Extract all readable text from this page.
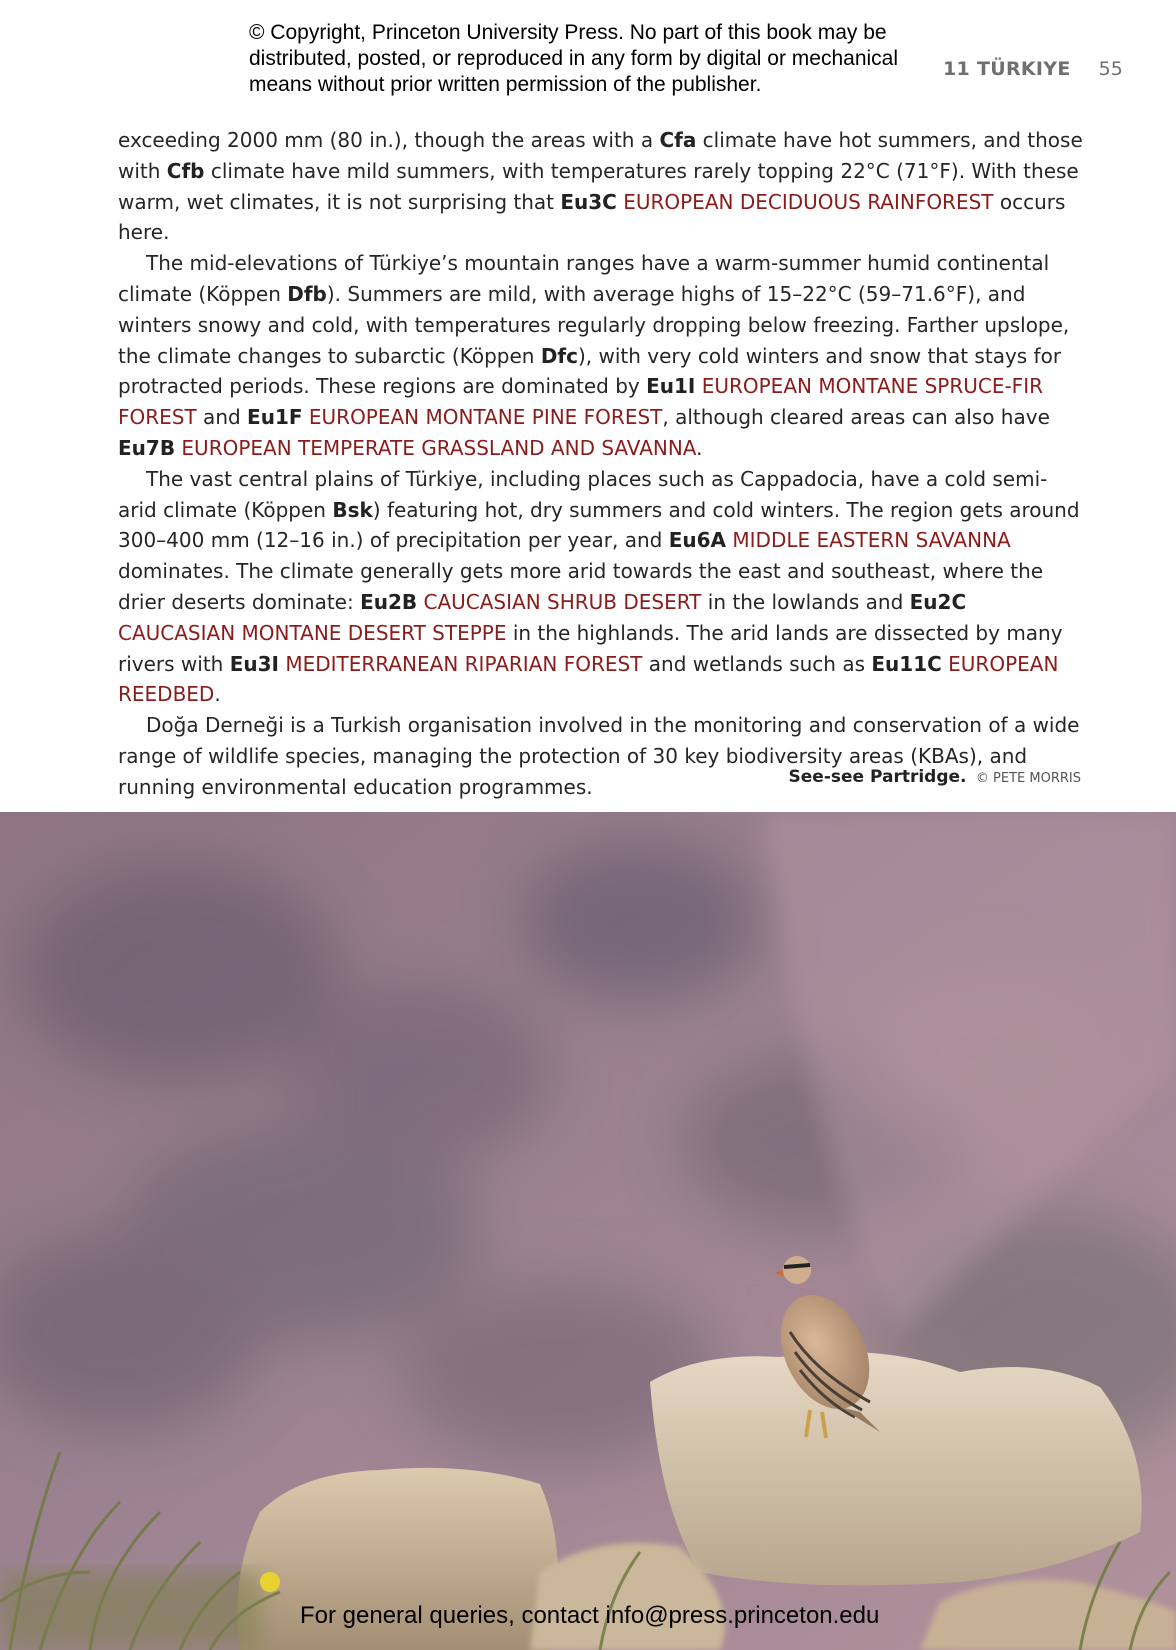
© Copyright, Princeton University Press. No part of this book may be
distributed, posted, or reproduced in any form by digital or mechanical
means without prior written permission of the publisher.
11 TÜRKIYE 55

exceeding 2000 mm (80 in.), though the areas with a Cfa climate have hot summers, and those with Cfb climate have mild summers, with temperatures rarely topping 22°C (71°F). With these warm, wet climates, it is not surprising that Eu3C EUROPEAN DECIDUOUS RAINFOREST occurs here.

The mid-elevations of Türkiye’s mountain ranges have a warm-summer humid continental climate (Köppen Dfb). Summers are mild, with average highs of 15–22°C (59–71.6°F), and winters snowy and cold, with temperatures regularly dropping below freezing. Farther upslope, the climate changes to subarctic (Köppen Dfc), with very cold winters and snow that stays for protracted periods. These regions are dominated by Eu1I EUROPEAN MONTANE SPRUCE-FIR FOREST and Eu1F EUROPEAN MONTANE PINE FOREST, although cleared areas can also have Eu7B EUROPEAN TEMPERATE GRASSLAND AND SAVANNA.

The vast central plains of Türkiye, including places such as Cappadocia, have a cold semi-arid climate (Köppen Bsk) featuring hot, dry summers and cold winters. The region gets around 300–400 mm (12–16 in.) of precipitation per year, and Eu6A MIDDLE EASTERN SAVANNA dominates. The climate generally gets more arid towards the east and southeast, where the drier deserts dominate: Eu2B CAUCASIAN SHRUB DESERT in the lowlands and Eu2C CAUCASIAN MONTANE DESERT STEPPE in the highlands. The arid lands are dissected by many rivers with Eu3I MEDITERRANEAN RIPARIAN FOREST and wetlands such as Eu11C EUROPEAN REEDBED.

Doğa Derneği is a Turkish organisation involved in the monitoring and conservation of a wide range of wildlife species, managing the protection of 30 key biodiversity areas (KBAs), and running environmental education programmes.	See-see Partridge. © PETE MORRIS
For general queries, contact info@press.princeton.edu
